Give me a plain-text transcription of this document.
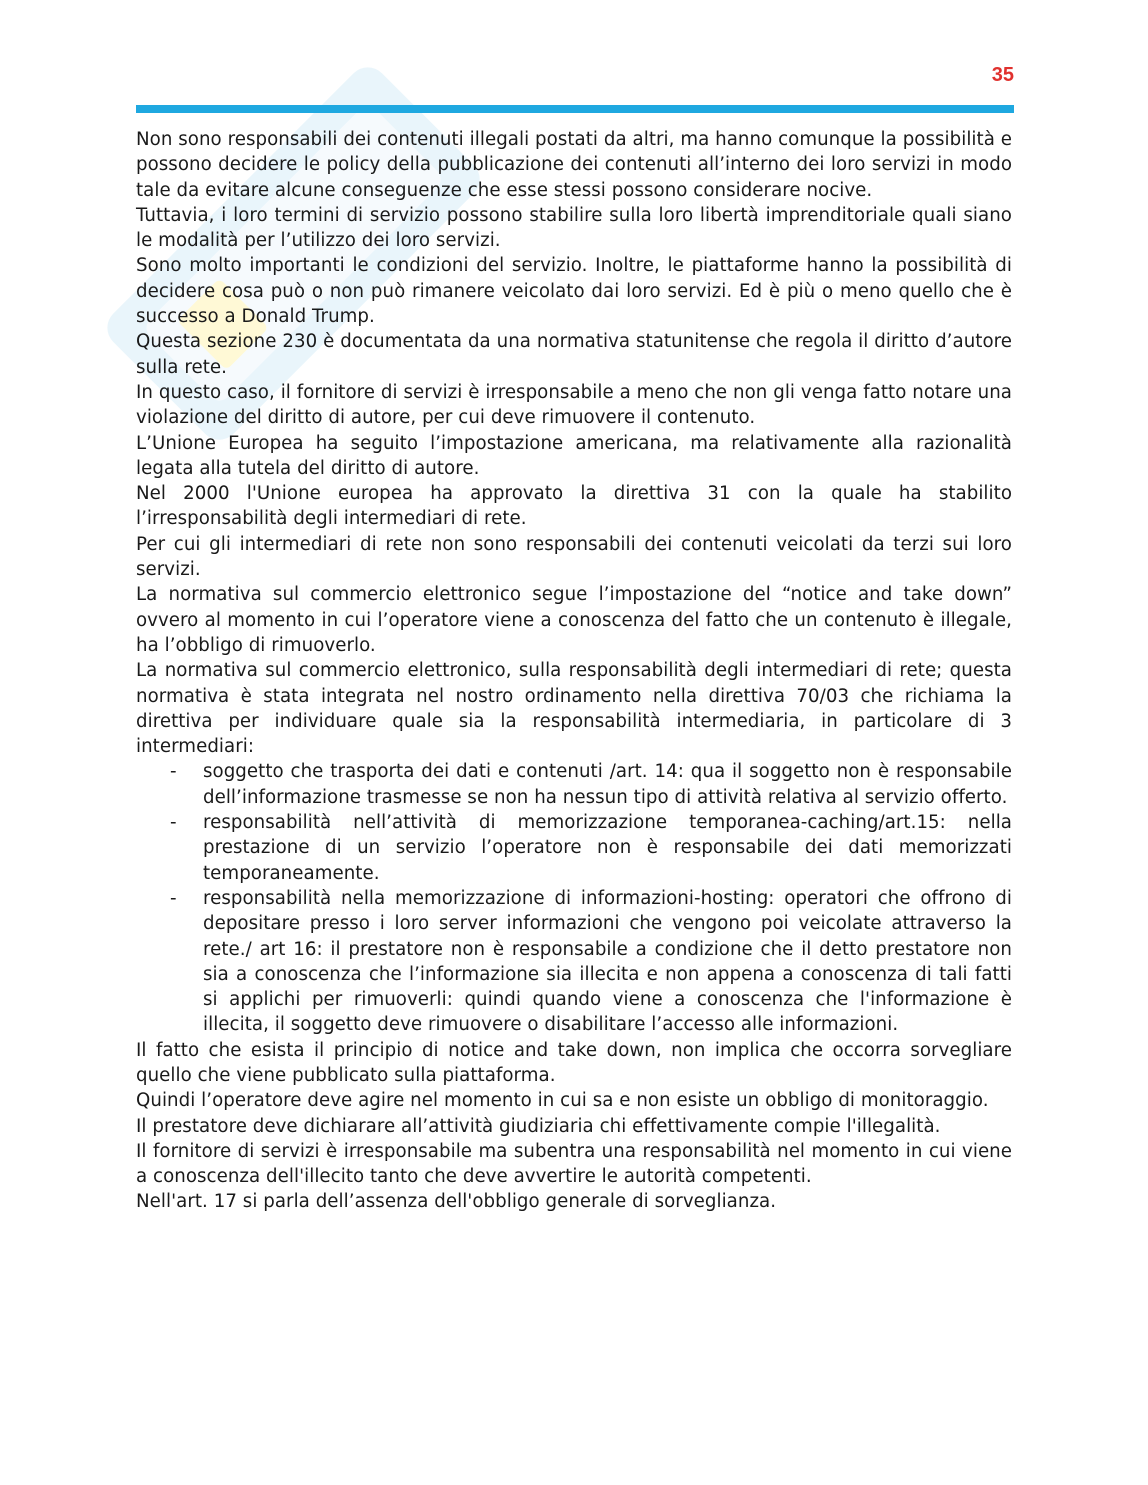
35

Non sono responsabili dei contenuti illegali postati da altri, ma hanno comunque la possibilità e possono decidere le policy della pubblicazione dei contenuti all’interno dei loro servizi in modo tale da evitare alcune conseguenze che esse stessi possono considerare nocive.

Tuttavia, i loro termini di servizio possono stabilire sulla loro libertà imprenditoriale quali siano le modalità per l’utilizzo dei loro servizi.

Sono molto importanti le condizioni del servizio. Inoltre, le piattaforme hanno la possibilità di decidere cosa può o non può rimanere veicolato dai loro servizi. Ed è più o meno quello che è successo a Donald Trump.

Questa sezione 230 è documentata da una normativa statunitense che regola il diritto d’autore sulla rete.

In questo caso, il fornitore di servizi è irresponsabile a meno che non gli venga fatto notare una violazione del diritto di autore, per cui deve rimuovere il contenuto.

L’Unione Europea ha seguito l’impostazione americana, ma relativamente alla razionalità legata alla tutela del diritto di autore.

Nel 2000 l'Unione europea ha approvato la direttiva 31 con la quale ha stabilito l’irresponsabilità degli intermediari di rete.

Per cui gli intermediari di rete non sono responsabili dei contenuti veicolati da terzi sui loro servizi.

La normativa sul commercio elettronico segue l’impostazione del “notice and take down” ovvero al momento in cui l’operatore viene a conoscenza del fatto che un contenuto è illegale, ha l’obbligo di rimuoverlo.

La normativa sul commercio elettronico, sulla responsabilità degli intermediari di rete; questa normativa è stata integrata nel nostro ordinamento nella direttiva 70/03 che richiama la direttiva per individuare quale sia la responsabilità intermediaria, in particolare di 3 intermediari:

- soggetto che trasporta dei dati e contenuti /art. 14: qua il soggetto non è responsabile dell’informazione trasmesse se non ha nessun tipo di attività relativa al servizio offerto.
- responsabilità nell’attività di memorizzazione temporanea-caching/art.15: nella prestazione di un servizio l’operatore non è responsabile dei dati memorizzati temporaneamente.
- responsabilità nella memorizzazione di informazioni-hosting: operatori che offrono di depositare presso i loro server informazioni che vengono poi veicolate attraverso la rete./ art 16: il prestatore non è responsabile a condizione che il detto prestatore non sia a conoscenza che l’informazione sia illecita e non appena a conoscenza di tali fatti si applichi per rimuoverli: quindi quando viene a conoscenza che l'informazione è illecita, il soggetto deve rimuovere o disabilitare l’accesso alle informazioni.

Il fatto che esista il principio di notice and take down, non implica che occorra sorvegliare quello che viene pubblicato sulla piattaforma.

Quindi l’operatore deve agire nel momento in cui sa e non esiste un obbligo di monitoraggio.

Il prestatore deve dichiarare all’attività giudiziaria chi effettivamente compie l'illegalità.

Il fornitore di servizi è irresponsabile ma subentra una responsabilità nel momento in cui viene a conoscenza dell'illecito tanto che deve avvertire le autorità competenti.

Nell'art. 17 si parla dell’assenza dell'obbligo generale di sorveglianza.
